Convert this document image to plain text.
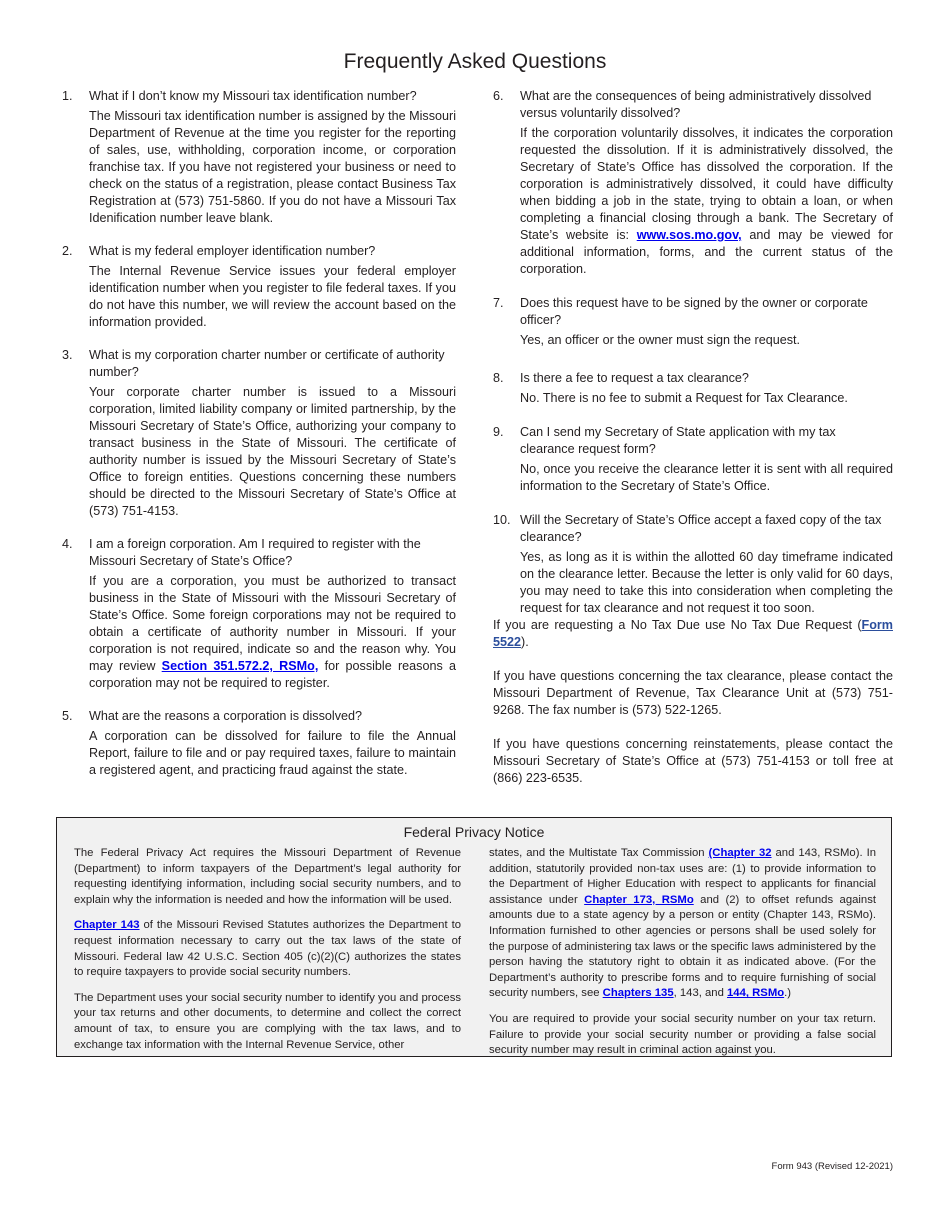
Frequently Asked Questions
1.	What if I don’t know my Missouri tax identification number?

The Missouri tax identification number is assigned by the Missouri Department of Revenue at the time you register for the reporting of sales, use, withholding, corporation income, or corporation franchise tax. If you have not registered your business or need to check on the status of a registration, please contact Business Tax Registration at (573) 751-5860. If you do not have a Missouri Tax Idenification number leave blank.

2.	What is my federal employer identification number?

The Internal Revenue Service issues your federal employer identification number when you register to file federal taxes. If you do not have this number, we will review the account based on the information provided.

3.	What is my corporation charter number or certificate of authority number?

Your corporate charter number is issued to a Missouri corporation, limited liability company or limited partnership, by the Missouri Secretary of State’s Office, authorizing your company to transact business in the State of Missouri. The certificate of authority number is issued by the Missouri Secretary of State’s Office to foreign entities. Questions concerning these numbers should be directed to the Missouri Secretary of State’s Office at (573) 751-4153.

4.	I am a foreign corporation. Am I required to register with the Missouri Secretary of State’s Office?

If you are a corporation, you must be authorized to transact business in the State of Missouri with the Missouri Secretary of State’s Office. Some foreign corporations may not be required to obtain a certificate of authority number in Missouri. If your corporation is not required, indicate so and the reason why. You may review Section 351.572.2, RSMo, for possible reasons a corporation may not be required to register.

5.	What are the reasons a corporation is dissolved?

A corporation can be dissolved for failure to file the Annual Report, failure to file and or pay required taxes, failure to maintain a registered agent, and practicing fraud against the state.

6.	What are the consequences of being administratively dissolved versus voluntarily dissolved?

If the corporation voluntarily dissolves, it indicates the corporation requested the dissolution. If it is administratively dissolved, the Secretary of State’s Office has dissolved the corporation. If the corporation is administratively dissolved, it could have difficulty when bidding a job in the state, trying to obtain a loan, or when completing a financial closing through a bank. The Secretary of State’s website is: www.sos.mo.gov, and may be viewed for additional information, forms, and the current status of the corporation.

7.	Does this request have to be signed by the owner or corporate officer?

Yes, an officer or the owner must sign the request.

8.	Is there a fee to request a tax clearance?

No. There is no fee to submit a Request for Tax Clearance.

9.	Can I send my Secretary of State application with my tax clearance request form?

No, once you receive the clearance letter it is sent with all required information to the Secretary of State’s Office.

10. Will the Secretary of State’s Office accept a faxed copy of the tax clearance?

Yes, as long as it is within the allotted 60 day timeframe indicated on the clearance letter. Because the letter is only valid for 60 days, you may need to take this into consideration when completing the request for tax clearance and not request it too soon.

If you are requesting a No Tax Due use No Tax Due Request (Form 5522).

If you have questions concerning the tax clearance, please contact the Missouri Department of Revenue, Tax Clearance Unit at (573) 751-9268. The fax number is (573) 522-1265.

If you have questions concerning reinstatements, please contact the Missouri Secretary of State’s Office at (573) 751-4153 or toll free at (866) 223-6535.

Federal Privacy Notice

The Federal Privacy Act requires the Missouri Department of Revenue (Department) to inform taxpayers of the Department’s legal authority for requesting identifying information, including social security numbers, and to explain why the information is needed and how the information will be used.

Chapter 143 of the Missouri Revised Statutes authorizes the Department to request information necessary to carry out the tax laws of the state of Missouri. Federal law 42 U.S.C. Section 405 (c)(2)(C) authorizes the states to require taxpayers to provide social security numbers.

The Department uses your social security number to identify you and process your tax returns and other documents, to determine and collect the correct amount of tax, to ensure you are complying with the tax laws, and to exchange tax information with the Internal Revenue Service, other

states, and the Multistate Tax Commission (Chapter 32 and 143, RSMo). In addition, statutorily provided non-tax uses are: (1) to provide information to the Department of Higher Education with respect to applicants for financial assistance under Chapter 173, RSMo and (2) to offset refunds against amounts due to a state agency by a person or entity (Chapter 143, RSMo). Information furnished to other agencies or persons shall be used solely for the purpose of administering tax laws or the specific laws administered by the person having the statutory right to obtain it as indicated above. (For the Department’s authority to prescribe forms and to require furnishing of social security numbers, see Chapters 135, 143, and 144, RSMo.)

You are required to provide your social security number on your tax return. Failure to provide your social security number or providing a false social security number may result in criminal action against you.

Form 943 (Revised 12-2021)
